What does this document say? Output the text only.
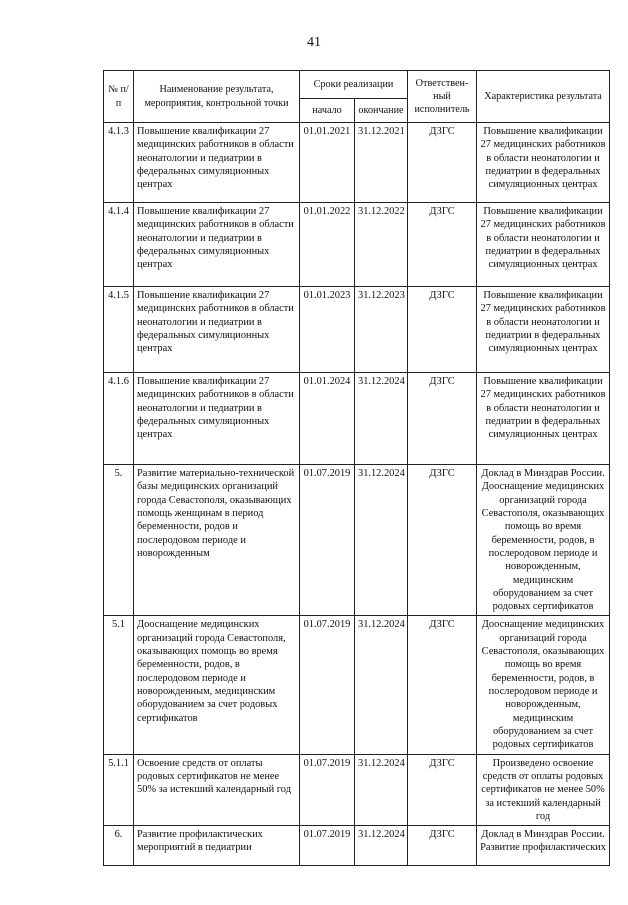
41
№ п/п	Наименование результата, мероприятия, контрольной точки	Сроки реализации		Ответствен-ный исполнитель	Характеристика результата
		начало	окончание		
4.1.3	Повышение квалификации 27 медицинских работников в области неонатологии и педиатрии в федеральных симуляционных центрах	01.01.2021	31.12.2021	ДЗГС	Повышение квалификации 27 медицинских работников в области неонатологии и педиатрии в федеральных симуляционных центрах
4.1.4	Повышение квалификации 27 медицинских работников в области неонатологии и педиатрии в федеральных симуляционных центрах	01.01.2022	31.12.2022	ДЗГС	Повышение квалификации 27 медицинских работников в области неонатологии и педиатрии в федеральных симуляционных центрах
4.1.5	Повышение квалификации 27 медицинских работников в области неонатологии и педиатрии в федеральных симуляционных центрах	01.01.2023	31.12.2023	ДЗГС	Повышение квалификации 27 медицинских работников в области неонатологии и педиатрии в федеральных симуляционных центрах
4.1.6	Повышение квалификации 27 медицинских работников в области неонатологии и педиатрии в федеральных симуляционных центрах	01.01.2024	31.12.2024	ДЗГС	Повышение квалификации 27 медицинских работников в области неонатологии и педиатрии в федеральных симуляционных центрах
5.	Развитие материально-технической базы медицинских организаций города Севастополя, оказывающих помощь женщинам в период беременности, родов и послеродовом периоде и новорожденным	01.07.2019	31.12.2024	ДЗГС	Доклад в Минздрав России. Дооснащение медицинских организаций города Севастополя, оказывающих помощь во время беременности, родов, в послеродовом периоде и новорожденным, медицинским оборудованием за счет родовых сертификатов
5.1	Дооснащение медицинских организаций города Севастополя, оказывающих помощь во время беременности, родов, в послеродовом периоде и новорожденным, медицинским оборудованием за счет родовых сертификатов	01.07.2019	31.12.2024	ДЗГС	Дооснащение медицинских организаций города Севастополя, оказывающих помощь во время беременности, родов, в послеродовом периоде и новорожденным, медицинским оборудованием за счет родовых сертификатов
5.1.1	Освоение средств от оплаты родовых сертификатов не менее 50% за истекший календарный год	01.07.2019	31.12.2024	ДЗГС	Произведено освоение средств от оплаты родовых сертификатов не менее 50% за истекший календарный год
6.	Развитие профилактических мероприятий в педиатрии	01.07.2019	31.12.2024	ДЗГС	Доклад в Минздрав России. Развитие профилактических
